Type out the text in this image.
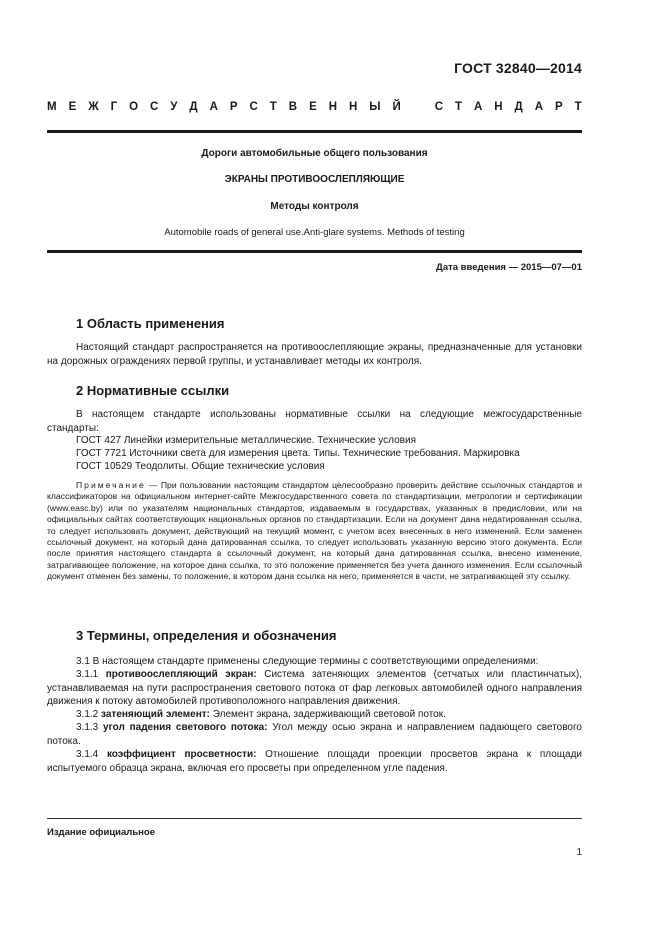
ГОСТ 32840—2014
М Е Ж Г О С У Д А Р С Т В Е Н Н Ы Й	С Т А Н Д А Р Т
Дороги автомобильные общего пользования
ЭКРАНЫ ПРОТИВООСЛЕПЛЯЮЩИЕ
Методы контроля
Automobile roads of general use.Anti-glare systems. Methods of testing
Дата введения — 2015—07—01
1 Область применения
Настоящий стандарт распространяется на противоослепляющие экраны, предназначенные для установки на дорожных ограждениях первой группы, и устанавливает методы их контроля.
2 Нормативные ссылки
В настоящем стандарте использованы нормативные ссылки на следующие межгосударственные стандарты:
ГОСТ 427 Линейки измерительные металлические. Технические условия
ГОСТ 7721 Источники света для измерения цвета. Типы. Технические требования. Маркировка
ГОСТ 10529 Теодолиты. Общие технические условия
Примечание — При пользовании настоящим стандартом целесообразно проверить действие ссылочных стандартов и классификаторов на официальном интернет-сайте Межгосударственного совета по стандартизации, метрологии и сертификации (www.easc.by) или по указателям национальных стандартов, издаваемым в государствах, указанных в предисловии, или на официальных сайтах соответствующих национальных органов по стандартизации. Если на документ дана недатированная ссылка, то следует использовать документ, действующий на текущий момент, с учетом всех внесенных в него изменений. Если заменен ссылочный документ, на который дана датированная ссылка, то следует использовать указанную версию этого документа. Если после принятия настоящего стандарта в ссылочный документ, на который дана датированная ссылка, внесено изменение, затрагивающее положение, на которое дана ссылка, то это положение применяется без учета данного изменения. Если ссылочный документ отменен без замены, то положение, в котором дана ссылка на него, применяется в части, не затрагивающей эту ссылку.
3 Термины, определения и обозначения
3.1 В настоящем стандарте применены следующие термины с соответствующими определениями:
3.1.1 противоослепляющий экран: Система затеняющих элементов (сетчатых или пластинчатых), устанавливаемая на пути распространения светового потока от фар легковых автомобилей одного направления движения к потоку автомобилей противоположного направления движения.
3.1.2 затеняющий элемент: Элемент экрана, задерживающий световой поток.
3.1.3 угол падения светового потока: Угол между осью экрана и направлением падающего светового потока.
3.1.4 коэффициент просветности: Отношение площади проекции просветов экрана к площади испытуемого образца экрана, включая его просветы при определенном угле падения.
Издание официальное
1
